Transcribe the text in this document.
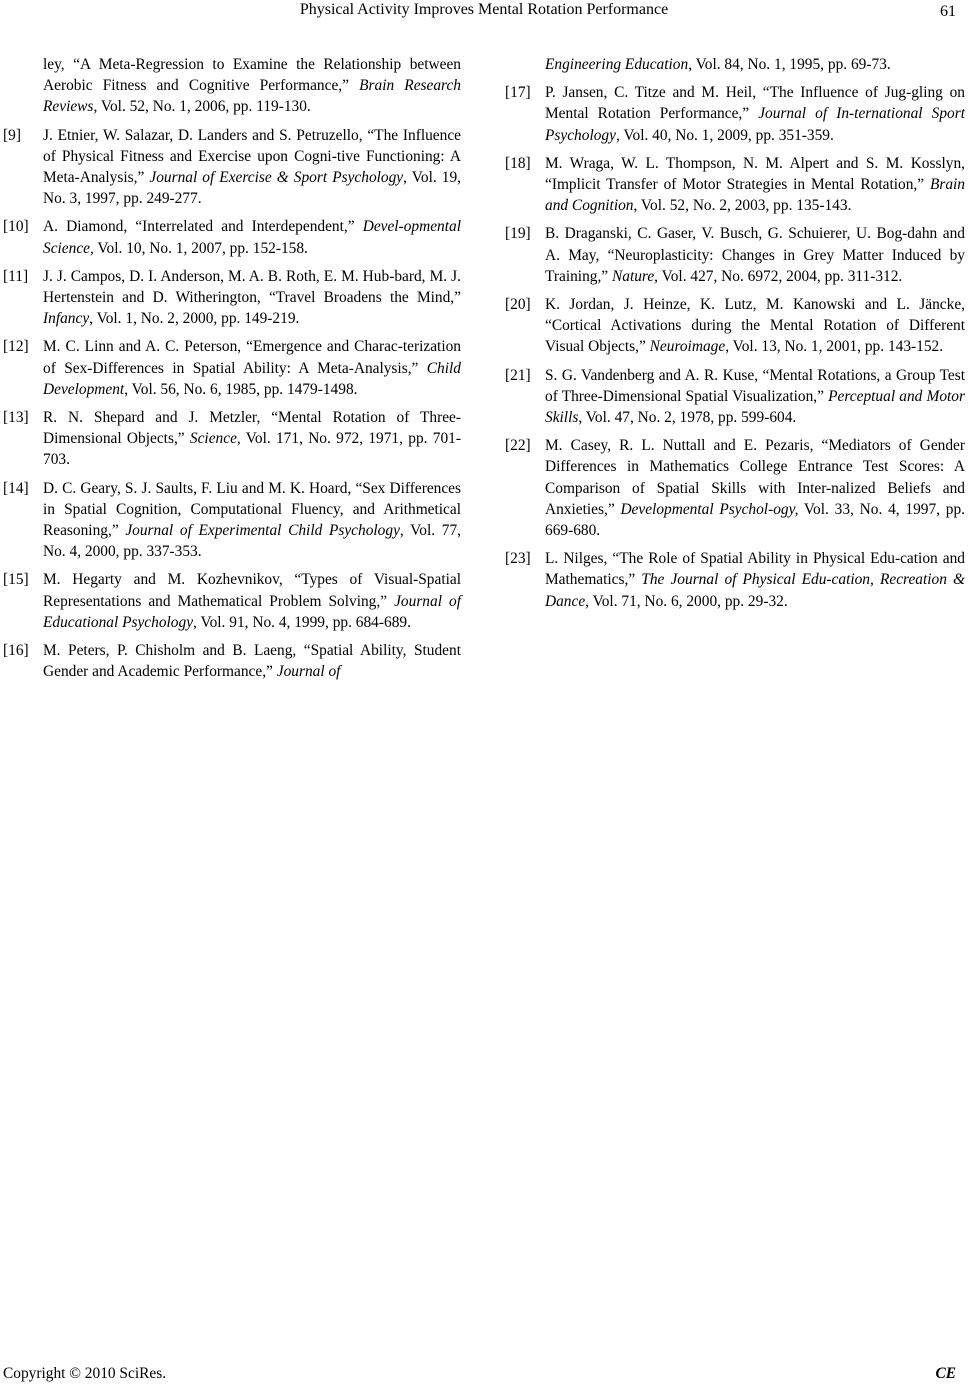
Physical Activity Improves Mental Rotation Performance	61
ley, “A Meta-Regression to Examine the Relationship between Aerobic Fitness and Cognitive Performance,” Brain Research Reviews, Vol. 52, No. 1, 2006, pp. 119-130.
[9] J. Etnier, W. Salazar, D. Landers and S. Petruzello, “The Influence of Physical Fitness and Exercise upon Cogni-tive Functioning: A Meta-Analysis,” Journal of Exercise & Sport Psychology, Vol. 19, No. 3, 1997, pp. 249-277.
[10] A. Diamond, “Interrelated and Interdependent,” Devel-opmental Science, Vol. 10, No. 1, 2007, pp. 152-158.
[11] J. J. Campos, D. I. Anderson, M. A. B. Roth, E. M. Hub-bard, M. J. Hertenstein and D. Witherington, “Travel Broadens the Mind,” Infancy, Vol. 1, No. 2, 2000, pp. 149-219.
[12] M. C. Linn and A. C. Peterson, “Emergence and Charac-terization of Sex-Differences in Spatial Ability: A Meta-Analysis,” Child Development, Vol. 56, No. 6, 1985, pp. 1479-1498.
[13] R. N. Shepard and J. Metzler, “Mental Rotation of Three-Dimensional Objects,” Science, Vol. 171, No. 972, 1971, pp. 701-703.
[14] D. C. Geary, S. J. Saults, F. Liu and M. K. Hoard, “Sex Differences in Spatial Cognition, Computational Fluency, and Arithmetical Reasoning,” Journal of Experimental Child Psychology, Vol. 77, No. 4, 2000, pp. 337-353.
[15] M. Hegarty and M. Kozhevnikov, “Types of Visual-Spatial Representations and Mathematical Problem Solving,” Journal of Educational Psychology, Vol. 91, No. 4, 1999, pp. 684-689.
[16] M. Peters, P. Chisholm and B. Laeng, “Spatial Ability, Student Gender and Academic Performance,” Journal of
Engineering Education, Vol. 84, No. 1, 1995, pp. 69-73.
[17] P. Jansen, C. Titze and M. Heil, “The Influence of Jug-gling on Mental Rotation Performance,” Journal of In-ternational Sport Psychology, Vol. 40, No. 1, 2009, pp. 351-359.
[18] M. Wraga, W. L. Thompson, N. M. Alpert and S. M. Kosslyn, “Implicit Transfer of Motor Strategies in Mental Rotation,” Brain and Cognition, Vol. 52, No. 2, 2003, pp. 135-143.
[19] B. Draganski, C. Gaser, V. Busch, G. Schuierer, U. Bog-dahn and A. May, “Neuroplasticity: Changes in Grey Matter Induced by Training,” Nature, Vol. 427, No. 6972, 2004, pp. 311-312.
[20] K. Jordan, J. Heinze, K. Lutz, M. Kanowski and L. Jäncke, “Cortical Activations during the Mental Rotation of Different Visual Objects,” Neuroimage, Vol. 13, No. 1, 2001, pp. 143-152.
[21] S. G. Vandenberg and A. R. Kuse, “Mental Rotations, a Group Test of Three-Dimensional Spatial Visualization,” Perceptual and Motor Skills, Vol. 47, No. 2, 1978, pp. 599-604.
[22] M. Casey, R. L. Nuttall and E. Pezaris, “Mediators of Gender Differences in Mathematics College Entrance Test Scores: A Comparison of Spatial Skills with Inter-nalized Beliefs and Anxieties,” Developmental Psychol-ogy, Vol. 33, No. 4, 1997, pp. 669-680.
[23] L. Nilges, “The Role of Spatial Ability in Physical Edu-cation and Mathematics,” The Journal of Physical Edu-cation, Recreation & Dance, Vol. 71, No. 6, 2000, pp. 29-32.
Copyright © 2010 SciRes.	CE
